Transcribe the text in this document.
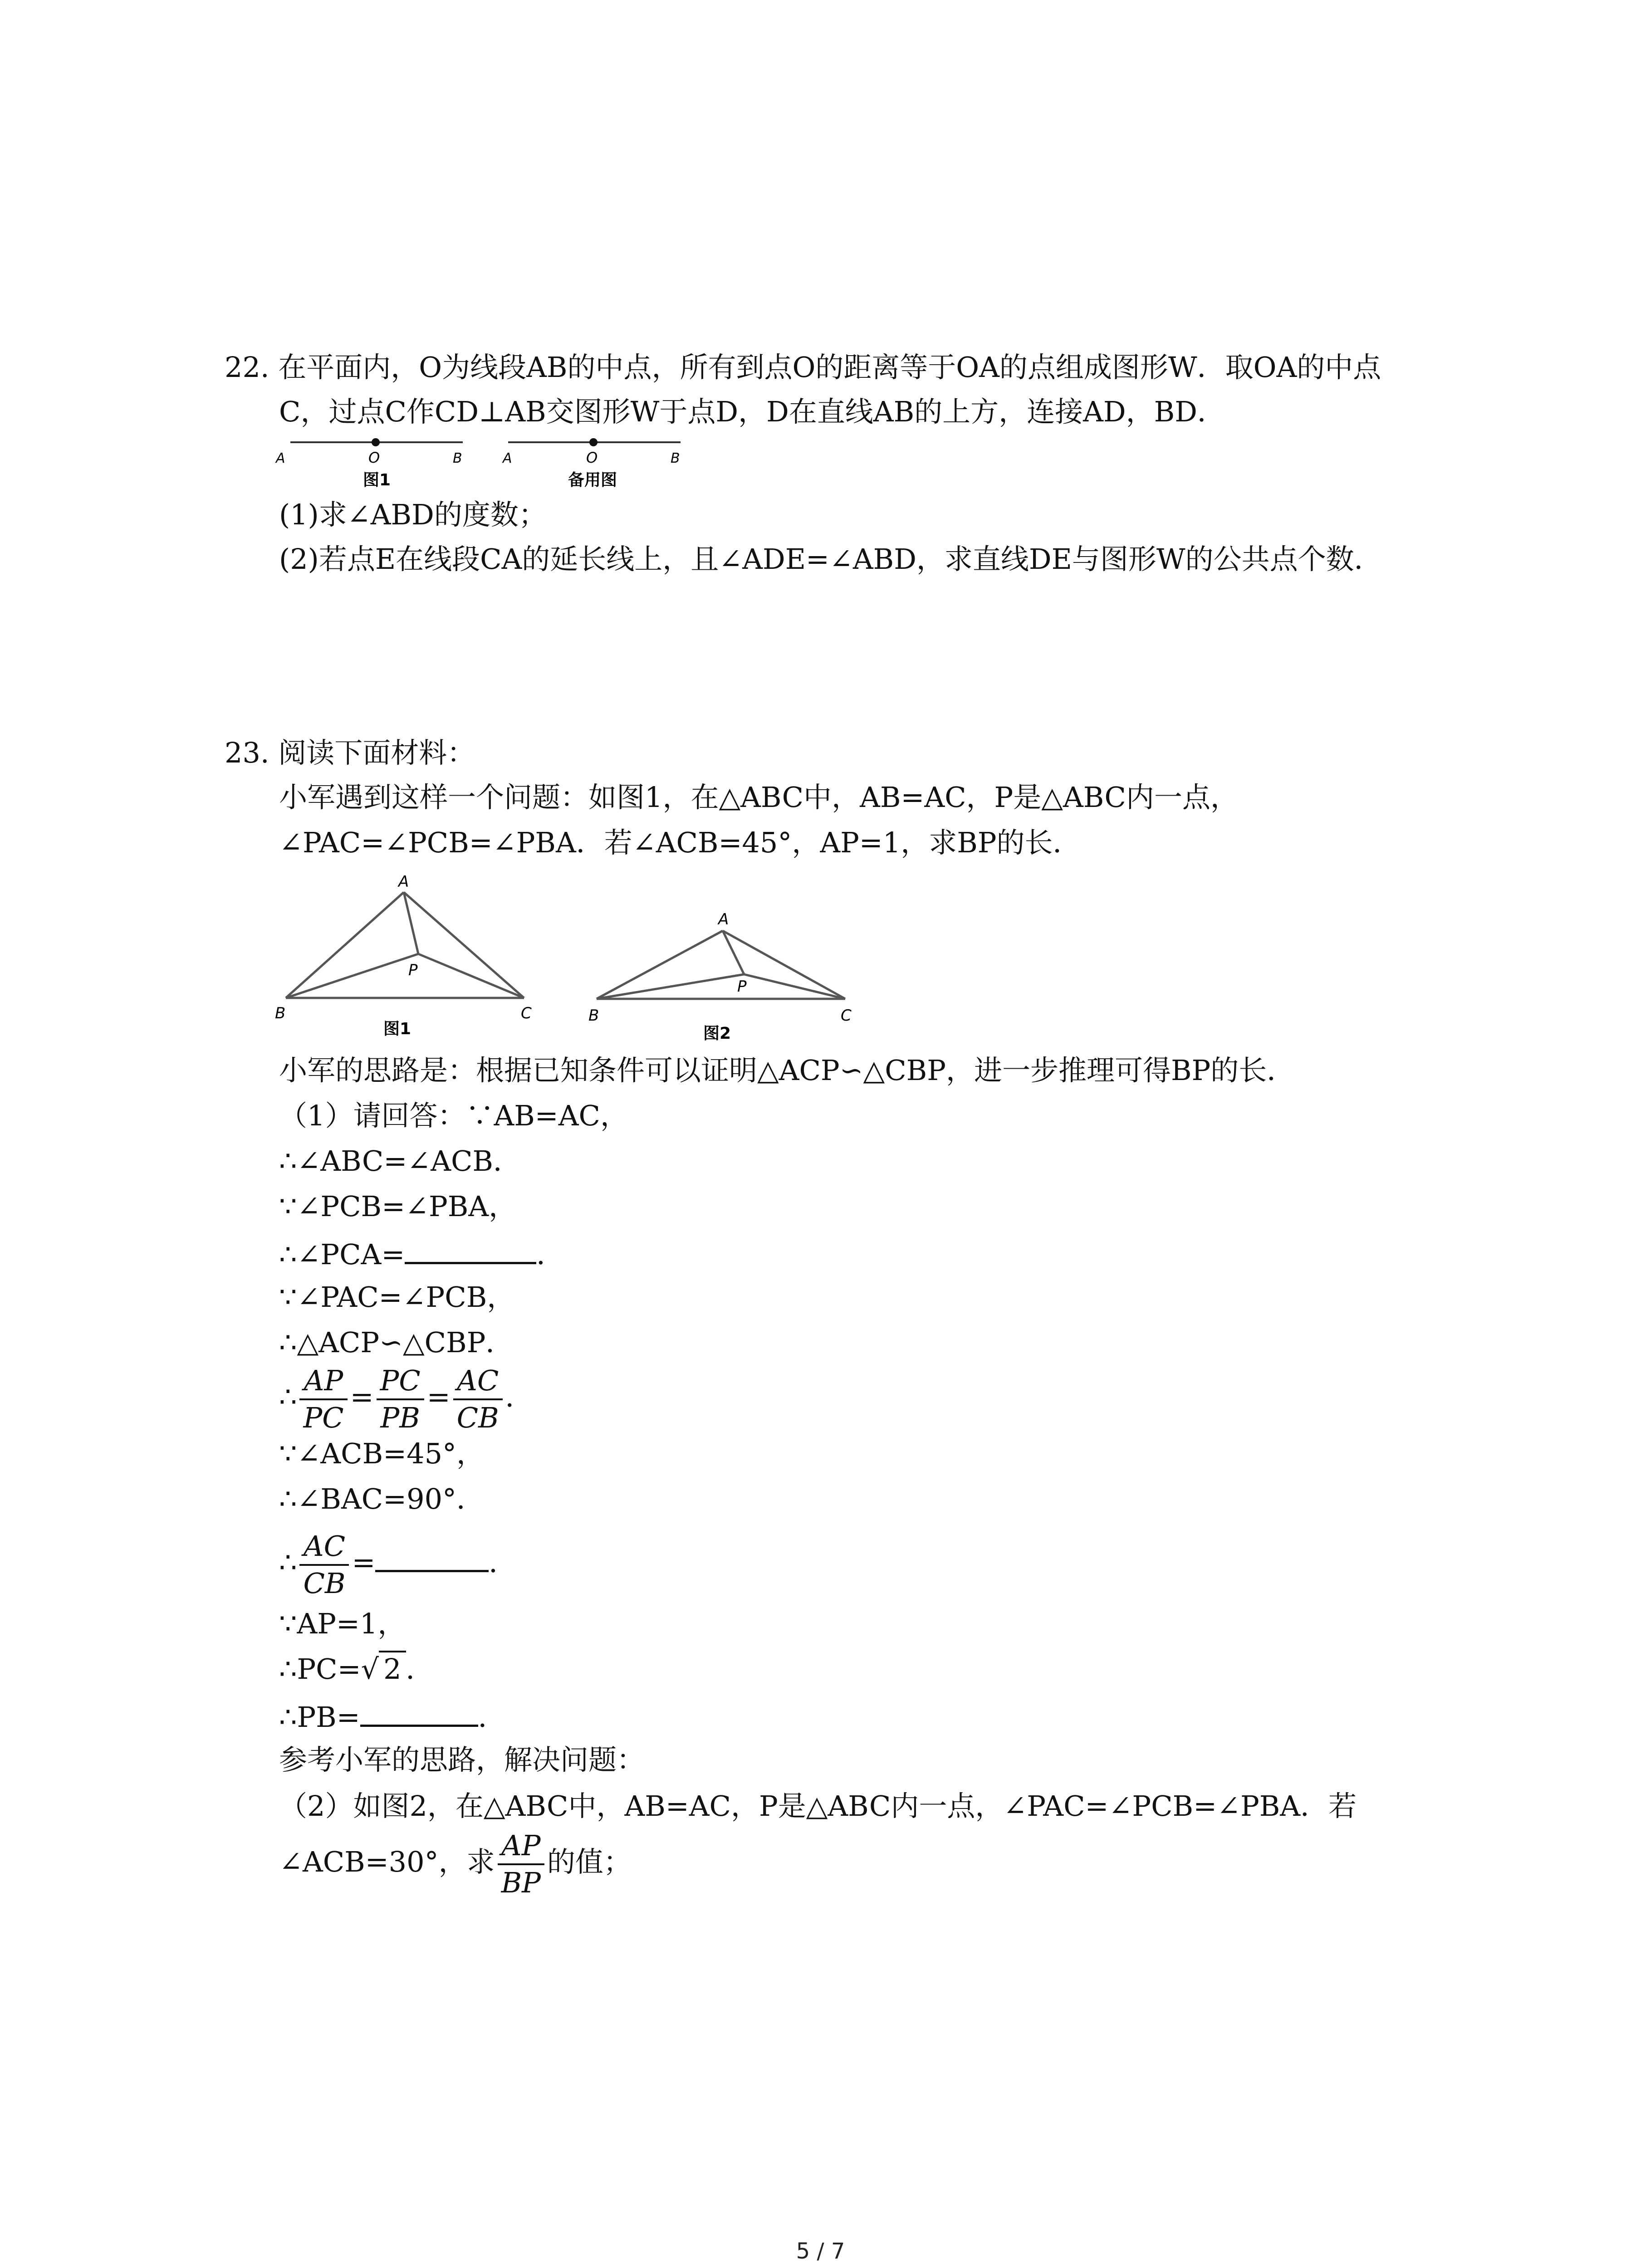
22. 在平面内，O为线段AB的中点，所有到点O的距离等于OA的点组成图形W．取OA的中点
C，过点C作CD⊥AB交图形W于点D，D在直线AB的上方，连接AD，BD．
A	O	B
图1
A	O	B
备用图
(1)求∠ABD的度数；
(2)若点E在线段CA的延长线上，且∠ADE=∠ABD，求直线DE与图形W的公共点个数．
23. 阅读下面材料：
小军遇到这样一个问题：如图1，在△ABC中，AB=AC，P是△ABC内一点，
∠PAC=∠PCB=∠PBA．若∠ACB=45°，AP=1，求BP的长．
A
P
B	C
图1
A
P
B	C
图2
小军的思路是：根据已知条件可以证明△ACP∽△CBP，进一步推理可得BP的长．
（1）请回答：∵AB=AC，
∴∠ABC=∠ACB．
∵∠PCB=∠PBA，
∴∠PCA=	．
∵∠PAC=∠PCB，
∴△ACP∽△CBP．
∴ $\frac{AP}{PC} = \frac{PC}{PB} = \frac{AC}{CB}$ ．
∵∠ACB=45°，
∴∠BAC=90°．
∴ $\frac{AC}{CB}$ =	．
∵AP=1，
∴PC=√ 2 ．
∴PB=	．
参考小军的思路，解决问题：
（2）如图2，在△ABC中，AB=AC，P是△ABC内一点，∠PAC=∠PCB=∠PBA．若
∠ACB=30°，求 $\frac{AP}{BP}$ 的值；
5 / 7
